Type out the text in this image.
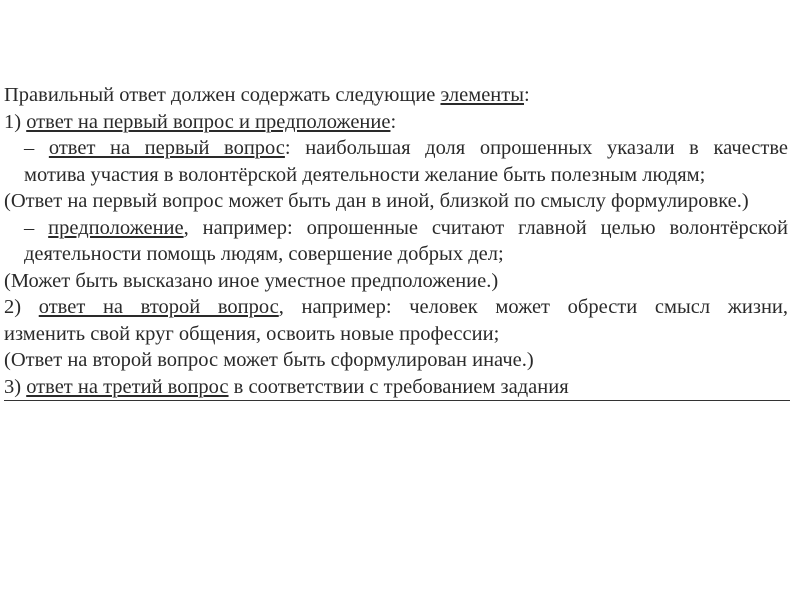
Правильный ответ должен содержать следующие элементы:
1) ответ на первый вопрос и предположение:
– ответ на первый вопрос: наибольшая доля опрошенных указали в качестве
мотива участия в волонтёрской деятельности желание быть полезным людям;
(Ответ на первый вопрос может быть дан в иной, близкой по смыслу формулировке.)
– предположение, например: опрошенные считают главной целью волонтёрской
деятельности помощь людям, совершение добрых дел;
(Может быть высказано иное уместное предположение.)
2) ответ на второй вопрос, например: человек может обрести смысл жизни,
изменить свой круг общения, освоить новые профессии;
(Ответ на второй вопрос может быть сформулирован иначе.)
3) ответ на третий вопрос в соответствии с требованием задания
